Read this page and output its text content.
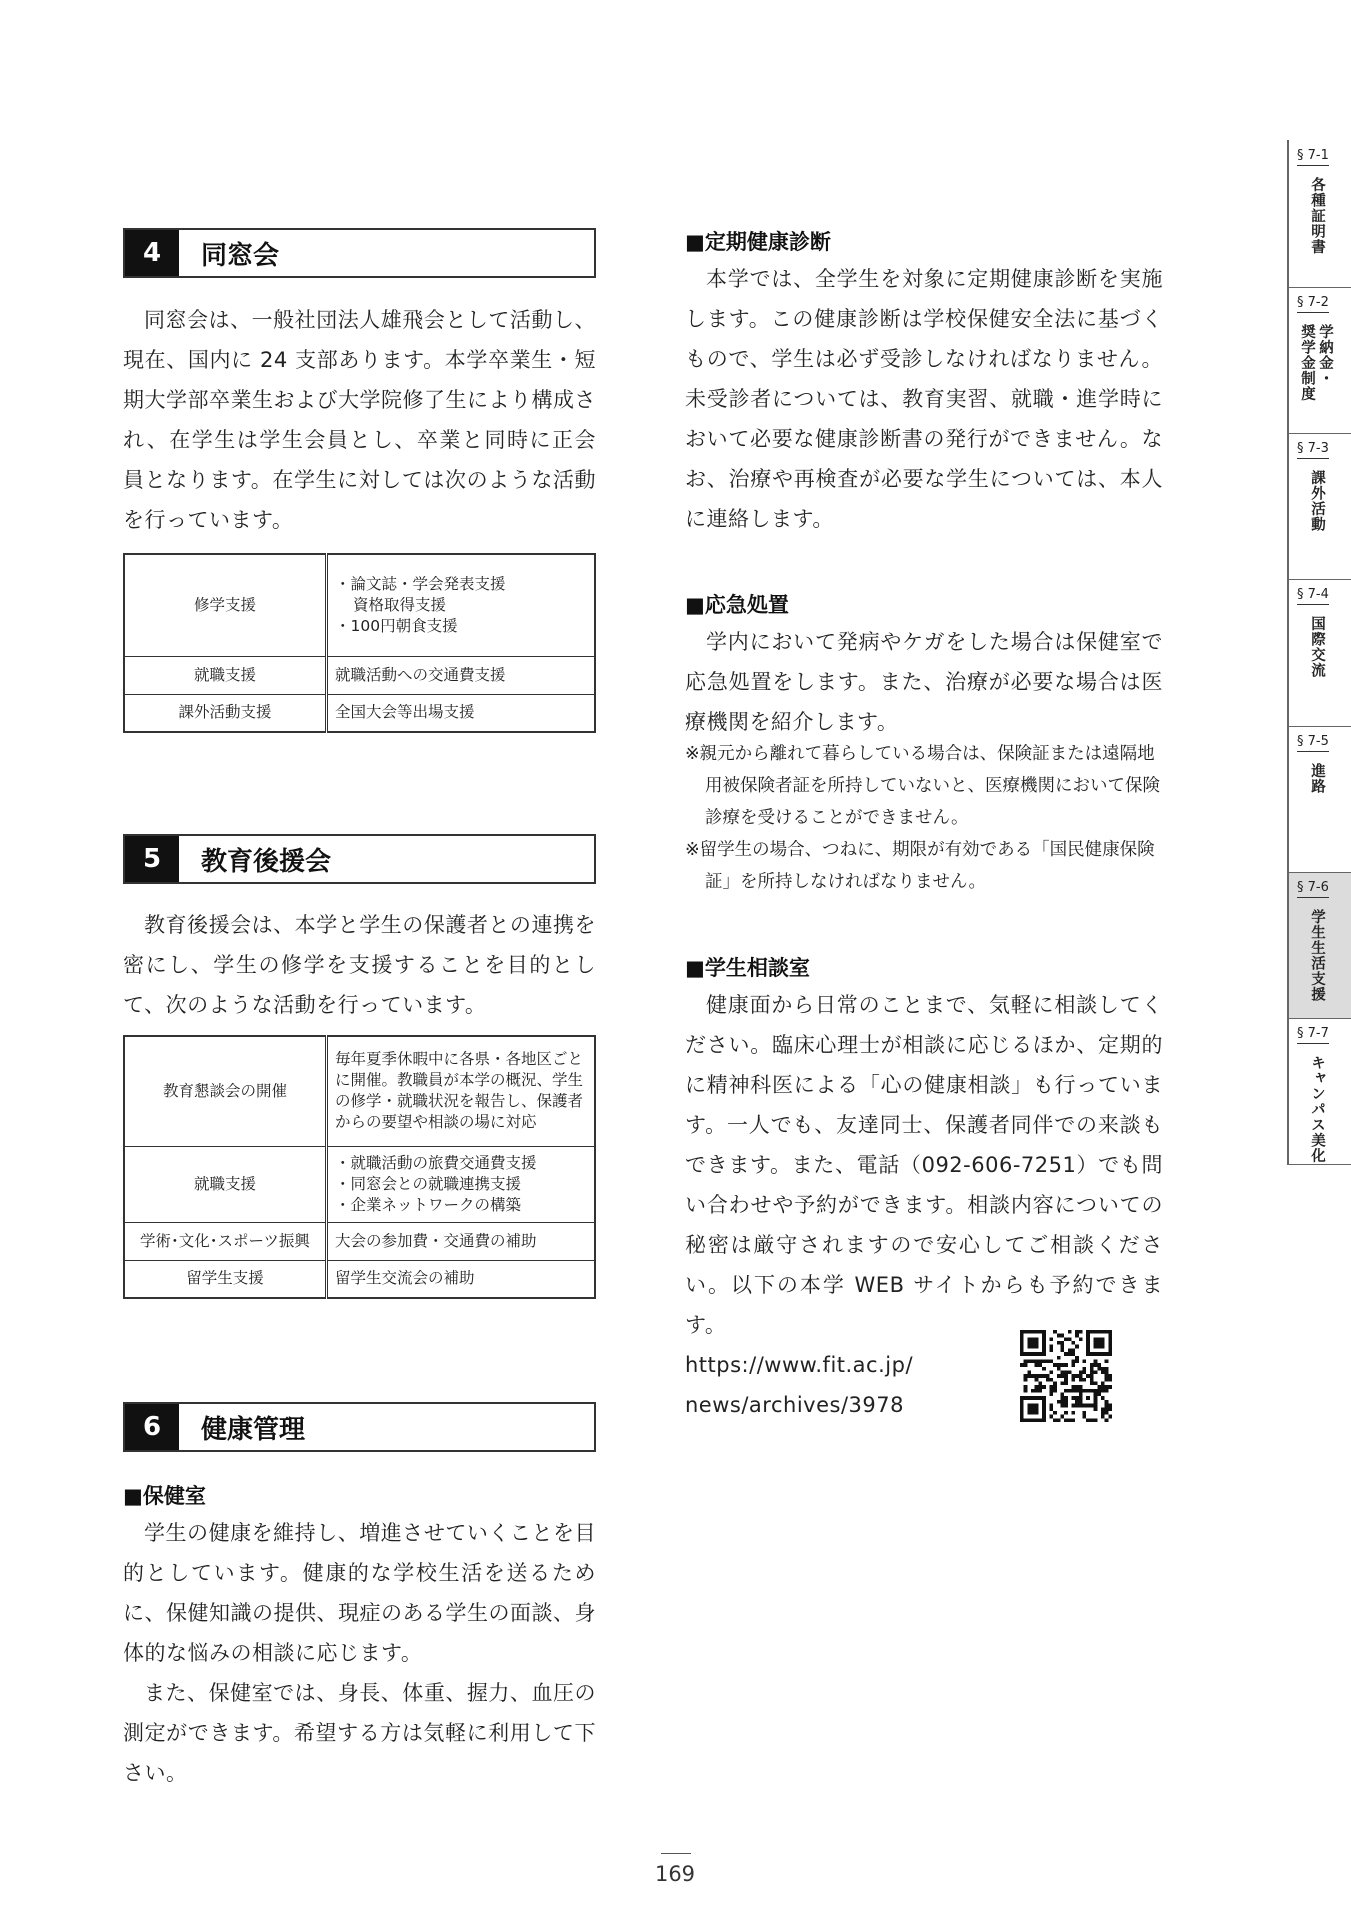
4	同窓会
同窓会は、一般社団法人雄飛会として活動し、現在、国内に 24 支部あります。本学卒業生・短期大学部卒業生および大学院修了生により構成され、在学生は学生会員とし、卒業と同時に正会員となります。在学生に対しては次のような活動を行っています。
修学支援	・論文誌・学会発表支援
資格取得支援
・100円朝食支援

就職支援	就職活動への交通費支援
課外活動支援	全国大会等出場支援
5	教育後援会
教育後援会は、本学と学生の保護者との連携を密にし、学生の修学を支援することを目的として、次のような活動を行っています。
教育懇談会の開催	毎年夏季休暇中に各県・各地区ごとに開催。教職員が本学の概況、学生の修学・就職状況を報告し、保護者からの要望や相談の場に対応
就職支援	・就職活動の旅費交通費支援
・同窓会との就職連携支援
・企業ネットワークの構築

学術･文化･スポーツ振興	大会の参加費・交通費の補助
留学生支援	留学生交流会の補助
6	健康管理
■保健室

学生の健康を維持し、増進させていくことを目的としています。健康的な学校生活を送るために、保健知識の提供、現症のある学生の面談、身体的な悩みの相談に応じます。

また、保健室では、身長、体重、握力、血圧の測定ができます。希望する方は気軽に利用して下さい。

■定期健康診断
本学では、全学生を対象に定期健康診断を実施します。この健康診断は学校保健安全法に基づくもので、学生は必ず受診しなければなりません。未受診者については、教育実習、就職・進学時において必要な健康診断書の発行ができません。なお、治療や再検査が必要な学生については、本人に連絡します。
■応急処置
学内において発病やケガをした場合は保健室で応急処置をします。また、治療が必要な場合は医療機関を紹介します。
※親元から離れて暮らしている場合は、保険証または遠隔地用被保険者証を所持していないと、医療機関において保険診療を受けることができません。
※留学生の場合、つねに、期限が有効である「国民健康保険証」を所持しなければなりません。
■学生相談室
健康面から日常のことまで、気軽に相談してください。臨床心理士が相談に応じるほか、定期的に精神科医による「心の健康相談」も行っています。一人でも、友達同士、保護者同伴での来談もできます。また、電話（092-606-7251）でも問い合わせや予約ができます。相談内容についての秘密は厳守されますので安心してご相談ください。以下の本学 WEB サイトからも予約できます。
https://www.fit.ac.jp/
news/archives/3978
§ 7-1
各種証明書
§ 7-2
学納金・
奨学金制度
§ 7-3
課外活動
§ 7-4
国際交流
§ 7-5
進路
§ 7-6
学生生活支援
§ 7-7
キャンパス美化
169
